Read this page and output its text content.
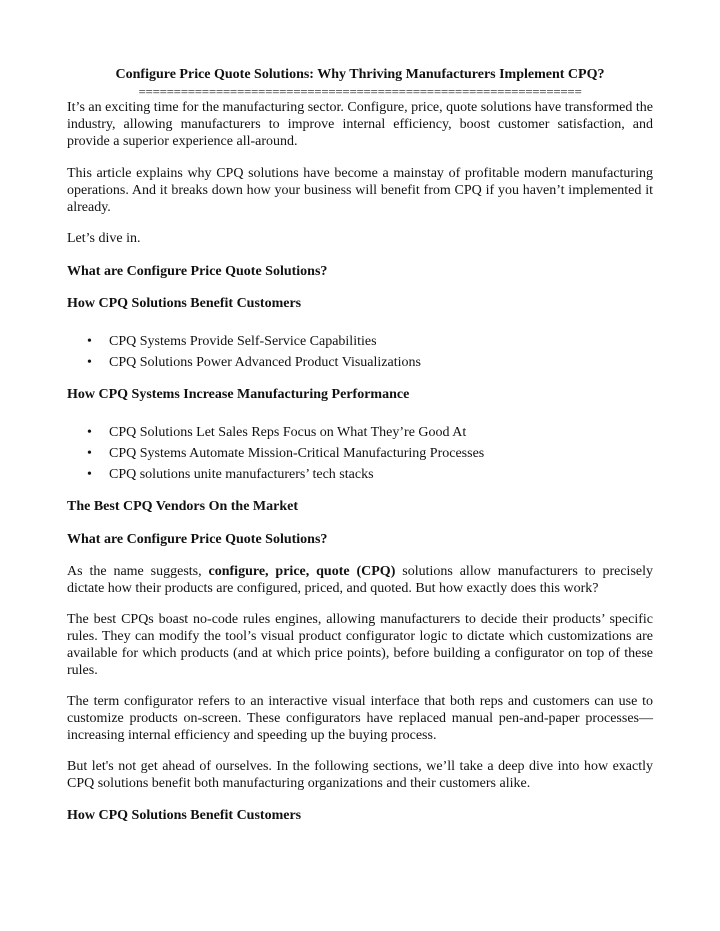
Configure Price Quote Solutions: Why Thriving Manufacturers Implement CPQ?
===============================================================

It’s an exciting time for the manufacturing sector. Configure, price, quote solutions have transformed the industry, allowing manufacturers to improve internal efficiency, boost customer satisfaction, and provide a superior experience all-around.

This article explains why CPQ solutions have become a mainstay of profitable modern manufacturing operations. And it breaks down how your business will benefit from CPQ if you haven’t implemented it already.

Let’s dive in.

What are Configure Price Quote Solutions?
How CPQ Solutions Benefit Customers
• CPQ Systems Provide Self-Service Capabilities
• CPQ Solutions Power Advanced Product Visualizations
How CPQ Systems Increase Manufacturing Performance
• CPQ Solutions Let Sales Reps Focus on What They’re Good At
• CPQ Systems Automate Mission-Critical Manufacturing Processes
• CPQ solutions unite manufacturers’ tech stacks
The Best CPQ Vendors On the Market
What are Configure Price Quote Solutions?

As the name suggests, configure, price, quote (CPQ) solutions allow manufacturers to precisely dictate how their products are configured, priced, and quoted. But how exactly does this work?

The best CPQs boast no-code rules engines, allowing manufacturers to decide their products’ specific rules. They can modify the tool’s visual product configurator logic to dictate which customizations are available for which products (and at which price points), before building a configurator on top of these rules.

The term configurator refers to an interactive visual interface that both reps and customers can use to customize products on-screen. These configurators have replaced manual pen-and-paper processes—increasing internal efficiency and speeding up the buying process.

But let's not get ahead of ourselves. In the following sections, we’ll take a deep dive into how exactly CPQ solutions benefit both manufacturing organizations and their customers alike.

How CPQ Solutions Benefit Customers
